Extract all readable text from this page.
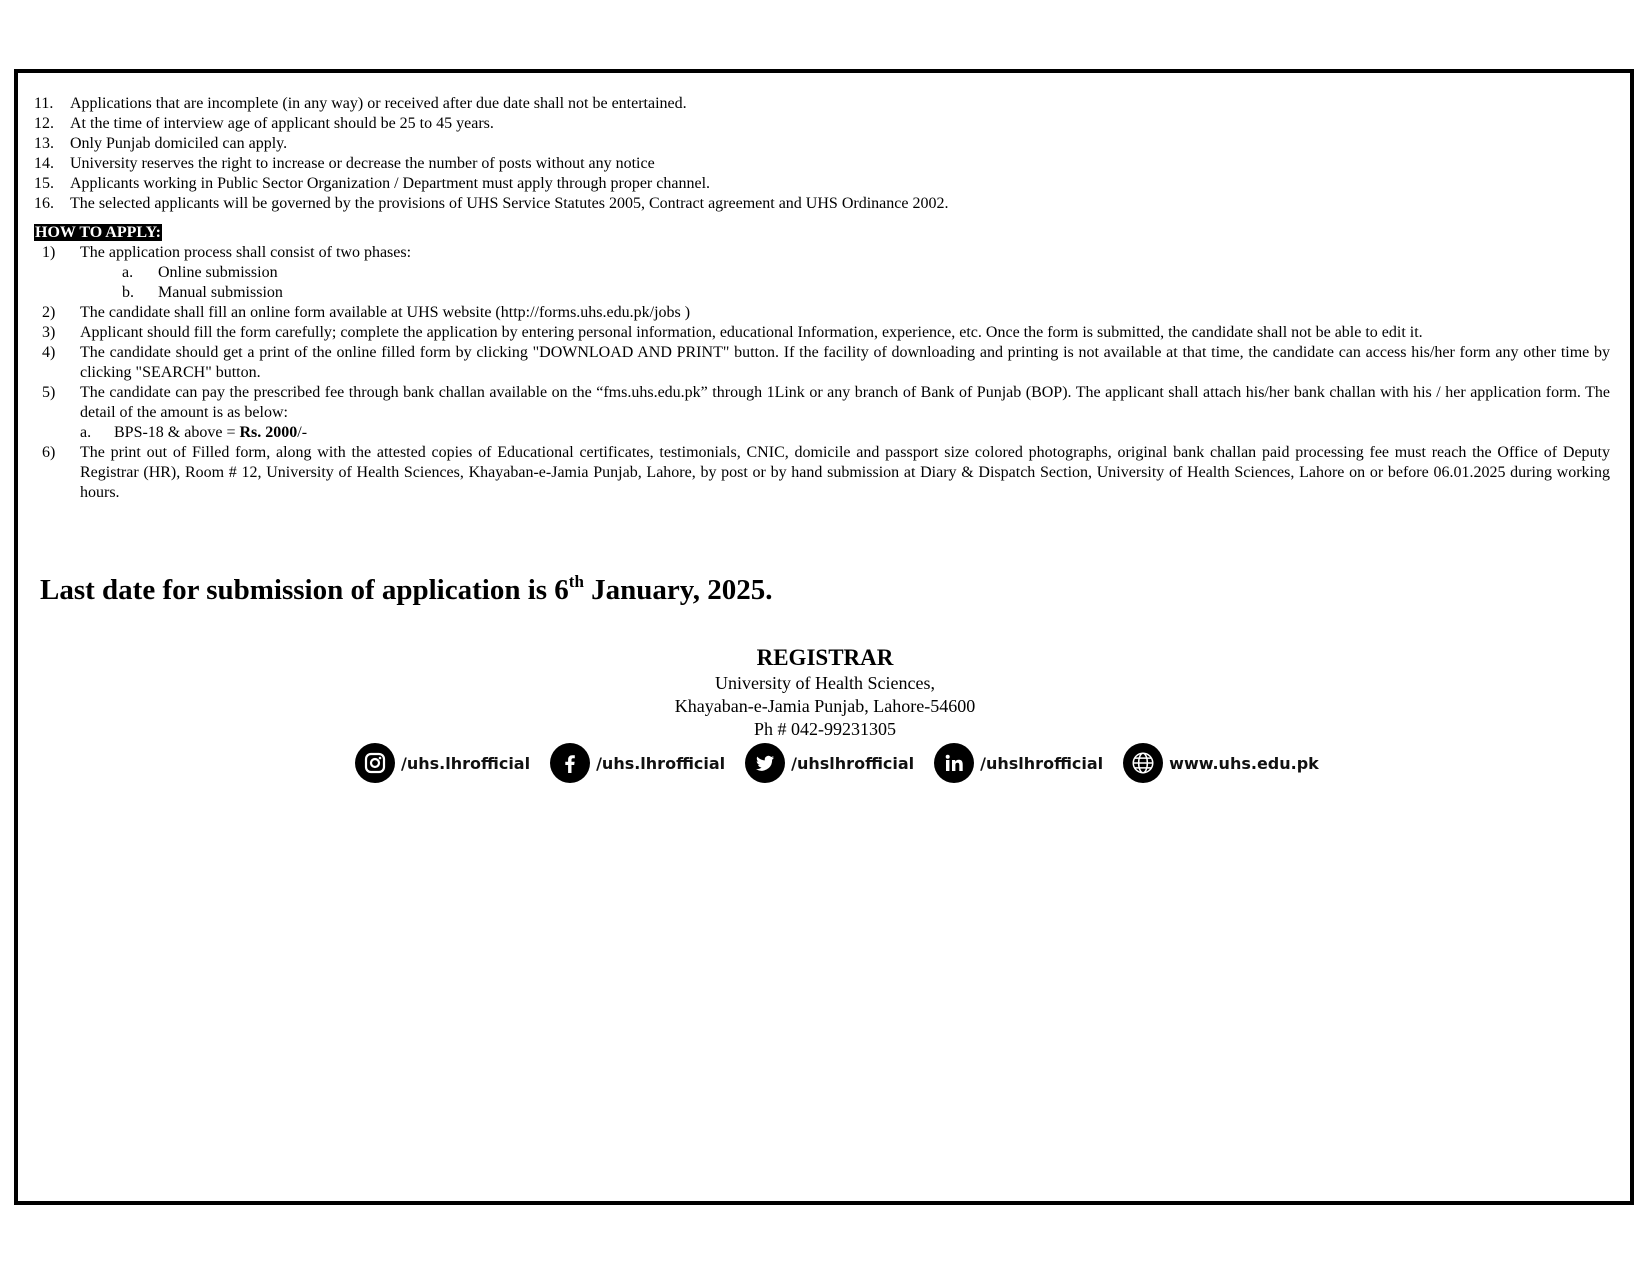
11. Applications that are incomplete (in any way) or received after due date shall not be entertained.
12. At the time of interview age of applicant should be 25 to 45 years.
13. Only Punjab domiciled can apply.
14. University reserves the right to increase or decrease the number of posts without any notice
15. Applicants working in Public Sector Organization / Department must apply through proper channel.
16. The selected applicants will be governed by the provisions of UHS Service Statutes 2005, Contract agreement and UHS Ordinance 2002.
HOW TO APPLY:
1) The application process shall consist of two phases:
a. Online submission
b. Manual submission
2) The candidate shall fill an online form available at UHS website (http://forms.uhs.edu.pk/jobs )
3) Applicant should fill the form carefully; complete the application by entering personal information, educational Information, experience, etc. Once the form is submitted, the candidate shall not be able to edit it.
4) The candidate should get a print of the online filled form by clicking "DOWNLOAD AND PRINT" button. If the facility of downloading and printing is not available at that time, the candidate can access his/her form any other time by clicking "SEARCH" button.
5) The candidate can pay the prescribed fee through bank challan available on the “fms.uhs.edu.pk” through 1Link or any branch of Bank of Punjab (BOP). The applicant shall attach his/her bank challan with his / her application form. The detail of the amount is as below:
a. BPS-18 & above = Rs. 2000/-
6) The print out of Filled form, along with the attested copies of Educational certificates, testimonials, CNIC, domicile and passport size colored photographs, original bank challan paid processing fee must reach the Office of Deputy Registrar (HR), Room # 12, University of Health Sciences, Khayaban-e-Jamia Punjab, Lahore, by post or by hand submission at Diary & Dispatch Section, University of Health Sciences, Lahore on or before 06.01.2025 during working hours.
Last date for submission of application is 6th January, 2025.
REGISTRAR
University of Health Sciences,
Khayaban-e-Jamia Punjab, Lahore-54600
Ph # 042-99231305
/uhs.lhrofficial	/uhs.lhrofficial	/uhslhrofficial	/uhslhrofficial	www.uhs.edu.pk
